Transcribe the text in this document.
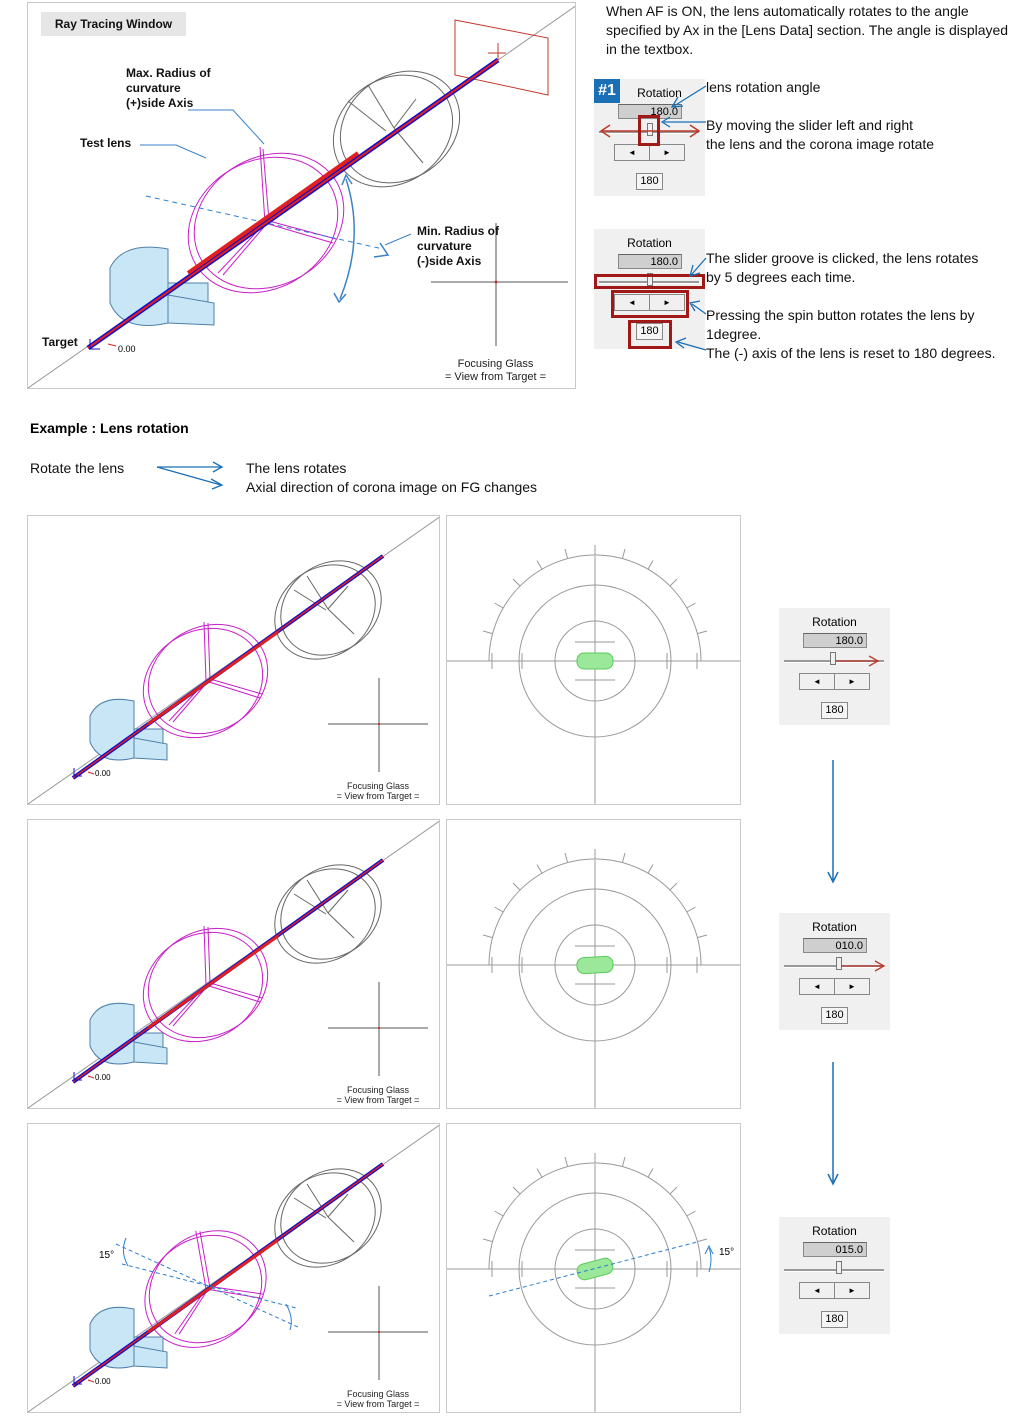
Ray Tracing Window
Max. Radius of
curvature
(+)side Axis
Test lens
Min. Radius of
curvature
(-)side Axis
Target	0.00
Focusing Glass
= View from Target =
When AF is ON, the lens automatically rotates to the angle
specified by Ax in the [Lens Data] section. The angle is displayed
in the textbox.
#1	Rotation
180.0
◄	►
180
Rotation
180.0
◄	►
180
lens rotation angle
By moving the slider left and right
the lens and the corona image rotate
The slider groove is clicked, the lens rotates
by 5 degrees each time.
Pressing the spin button rotates the lens by
1degree.
The (-) axis of the lens is reset to 180 degrees.
Example : Lens rotation
Rotate the lens	The lens rotates
Axial direction of corona image on FG changes
0.00
Focusing Glass
= View from Target =
Rotation
180.0
◄	►
180
0.00
Focusing Glass
= View from Target =
Rotation
010.0
◄	►
180
0.00
Focusing Glass
= View from Target =
15°	15°
Rotation
015.0
◄	►
180
